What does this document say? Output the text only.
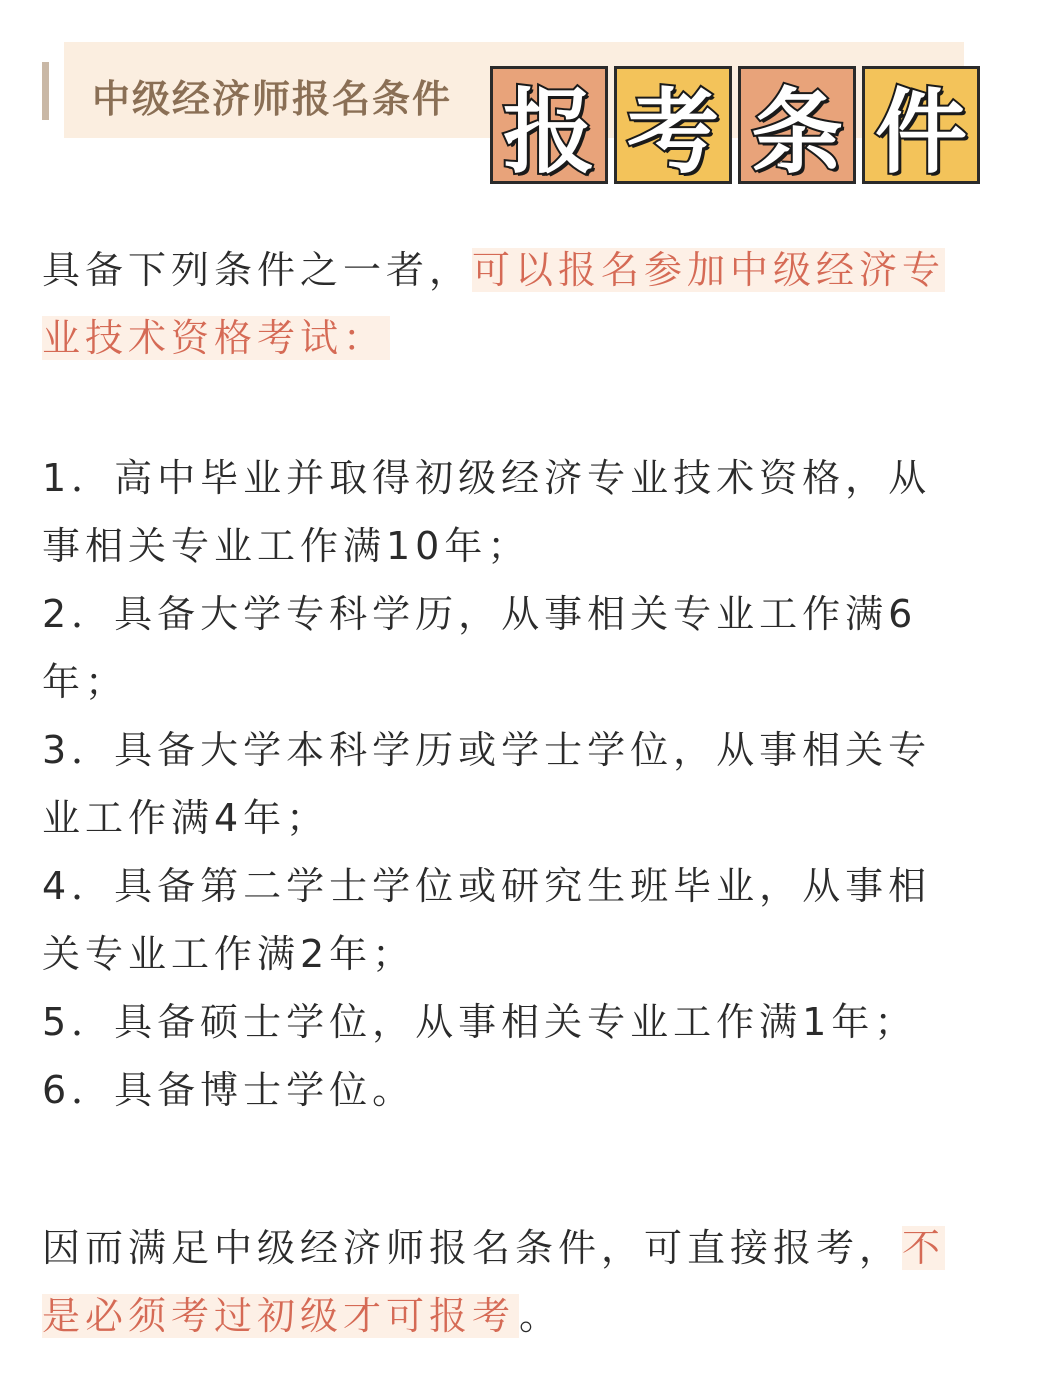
中级经济师报名条件 报 考 条 件
具备下列条件之一者，可以报名参加中级经济专业技术资格考试：

1．高中毕业并取得初级经济专业技术资格，从事相关专业工作满10年；

2．具备大学专科学历，从事相关专业工作满6年；

3．具备大学本科学历或学士学位，从事相关专业工作满4年；

4．具备第二学士学位或研究生班毕业，从事相关专业工作满2年；

5．具备硕士学位，从事相关专业工作满1年；

6．具备博士学位。

因而满足中级经济师报名条件，可直接报考，不是必须考过初级才可报考 。
